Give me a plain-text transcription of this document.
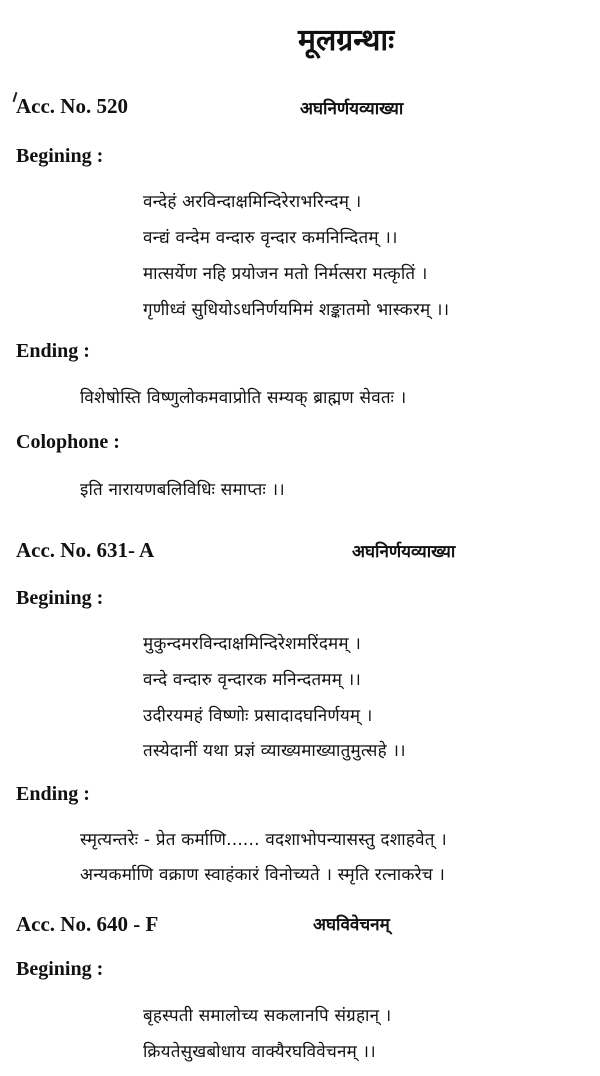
मूलग्रन्थाः
Acc. No. 520	अघनिर्णयव्याख्या
Begining :
वन्देहं अरविन्दाक्षमिन्दिरेराभरिन्दम् ।
वन्द्यं वन्देम वन्दारु वृन्दार कमनिन्दितम् ।।
मात्सर्येण नहि प्रयोजन मतो निर्मत्सरा मत्कृतिं ।
गृणीध्वं सुधियोऽधनिर्णयमिमं शङ्कातमो भास्करम् ।।
Ending :
विशेषोस्ति विष्णुलोकमवाप्रोति सम्यक् ब्राह्मण सेवतः ।
Colophone :
इति नारायणबलिविधिः समाप्तः ।।
Acc. No. 631- A	अघनिर्णयव्याख्या
Begining :
मुकुन्दमरविन्दाक्षमिन्दिरेशमरिंदमम् ।
वन्दे वन्दारु वृन्दारक मनिन्दतमम् ।।
उदीरयमहं विष्णोः प्रसादादघनिर्णयम् ।
तस्येदानीं यथा प्रज्ञं व्याख्यमाख्यातुमुत्सहे ।।
Ending :
स्मृत्यन्तरेः - प्रेत कर्माणि...... वदशाभोपन्यासस्तु दशाहवेत् ।
अन्यकर्माणि वक्राण स्वाहंकारं विनोच्यते । स्मृति रत्नाकरेच ।
Acc. No. 640 - F	अघविवेचनम्
Begining :
बृहस्पती समालोच्य सकलानपि संग्रहान् ।
क्रियतेसुखबोधाय वाक्यैरघविवेचनम् ।।
